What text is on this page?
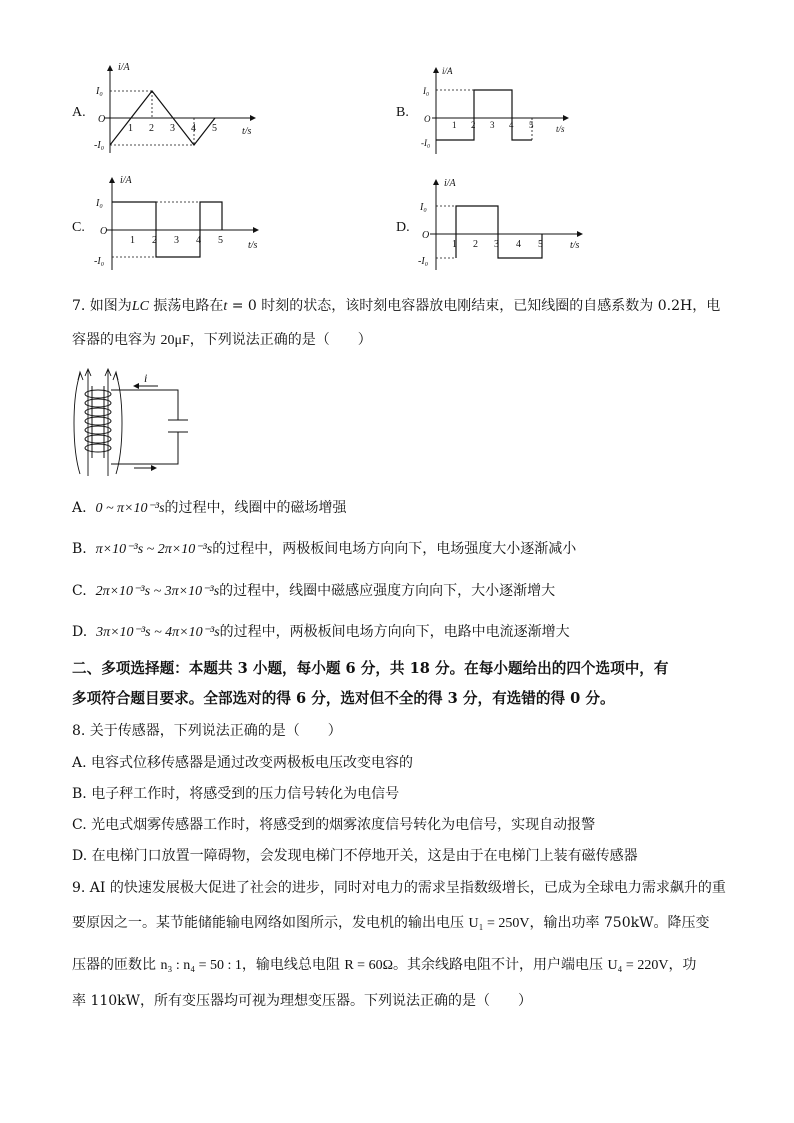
A.
i/A
t/s
I₀
-I₀
O
1 2 3 4 5
B.
i/A
t/s
I₀
-I₀
O
1 2 3 4 5
C.
i/A
t/s
I₀
-I₀
O
1 2 3 4 5
D.
i/A
t/s
I₀
-I₀
O
1 2 3 4 5
7. 如图为LC 振荡电路在t = 0 时刻的状态，该时刻电容器放电刚结束，已知线圈的自感系数为 0.2H，电
容器的电容为 20μF，下列说法正确的是（　　）
i
A. 0 ~ π×10⁻³s的过程中，线圈中的磁场增强
B. π×10⁻³s ~ 2π×10⁻³s的过程中，两极板间电场方向向下，电场强度大小逐渐减小
C. 2π×10⁻³s ~ 3π×10⁻³s的过程中，线圈中磁感应强度方向向下，大小逐渐增大
D. 3π×10⁻³s ~ 4π×10⁻³s的过程中，两极板间电场方向向下，电路中电流逐渐增大
二、多项选择题：本题共 3 小题，每小题 6 分，共 18 分。在每小题给出的四个选项中，有
多项符合题目要求。全部选对的得 6 分，选对但不全的得 3 分，有选错的得 0 分。
8. 关于传感器，下列说法正确的是（　　）
A. 电容式位移传感器是通过改变两极板电压改变电容的
B. 电子秤工作时，将感受到的压力信号转化为电信号
C. 光电式烟雾传感器工作时，将感受到的烟雾浓度信号转化为电信号，实现自动报警
D. 在电梯门口放置一障碍物，会发现电梯门不停地开关，这是由于在电梯门上装有磁传感器
9. AI 的快速发展极大促进了社会的进步，同时对电力的需求呈指数级增长，已成为全球电力需求飙升的重
要原因之一。某节能储能输电网络如图所示，发电机的输出电压 U₁ = 250V，输出功率 750kW。降压变
压器的匝数比 n₃ : n₄ = 50 : 1，输电线总电阻 R = 60Ω。其余线路电阻不计，用户端电压 U₄ = 220V，功
率 110kW，所有变压器均可视为理想变压器。下列说法正确的是（　　）
